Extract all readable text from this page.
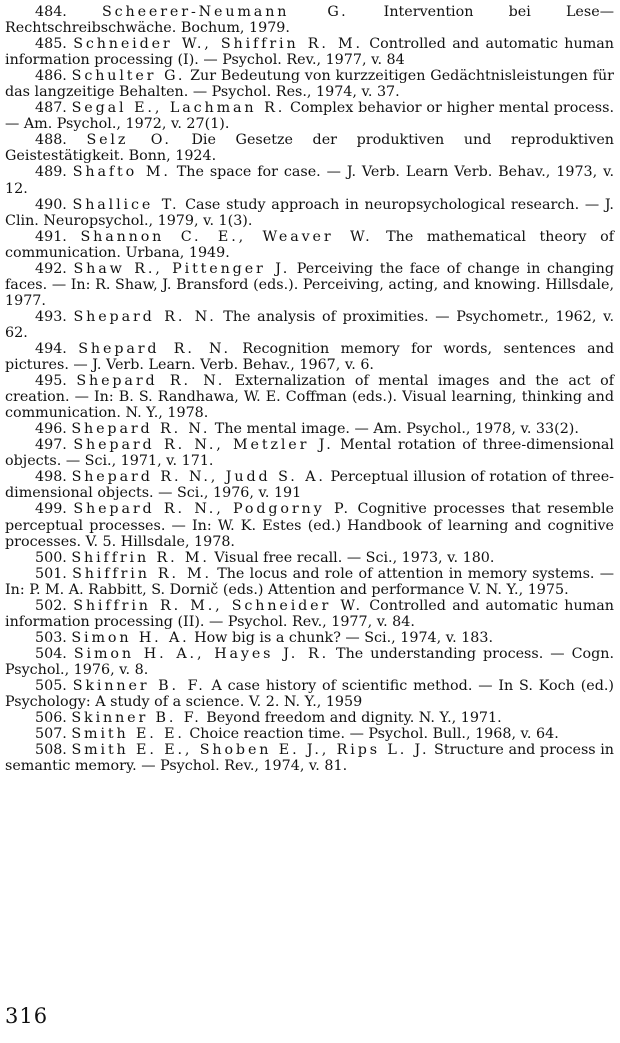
484. Scheerer-Neumann G. Intervention bei Lese—Rechtschreibschwäche. Bochum, 1979.

485. Schneider W., Shiffrin R. M. Controlled and automatic human information processing (I). — Psychol. Rev., 1977, v. 84

486. Schulter G. Zur Bedeutung von kurzzeitigen Gedächtnisleistungen für das langzeitige Behalten. — Psychol. Res., 1974, v. 37.

487. Segal E., Lachman R. Complex behavior or higher mental process. — Am. Psychol., 1972, v. 27(1).

488. Selz O. Die Gesetze der produktiven und reproduktiven Geistestätigkeit. Bonn, 1924.

489. Shafto M. The space for case. — J. Verb. Learn Verb. Behav., 1973, v. 12.

490. Shallice T. Case study approach in neuropsychological research. — J. Clin. Neuropsychol., 1979, v. 1(3).

491. Shannon C. E., Weaver W. The mathematical theory of communication. Urbana, 1949.

492. Shaw R., Pittenger J. Perceiving the face of change in changing faces. — In: R. Shaw, J. Bransford (eds.). Perceiving, acting, and knowing. Hillsdale, 1977.

493. Shepard R. N. The analysis of proximities. — Psychometr., 1962, v. 62.

494. Shepard R. N. Recognition memory for words, sentences and pictures. — J. Verb. Learn. Verb. Behav., 1967, v. 6.

495. Shepard R. N. Externalization of mental images and the act of creation. — In: B. S. Randhawa, W. E. Coffman (eds.). Visual learning, thinking and communication. N. Y., 1978.

496. Shepard R. N. The mental image. — Am. Psychol., 1978, v. 33(2).

497. Shepard R. N., Metzler J. Mental rotation of three-dimensional objects. — Sci., 1971, v. 171.

498. Shepard R. N., Judd S. A. Perceptual illusion of rotation of three-dimensional objects. — Sci., 1976, v. 191

499. Shepard R. N., Podgorny P. Cognitive processes that resemble perceptual processes. — In: W. K. Estes (ed.) Handbook of learning and cognitive processes. V. 5. Hillsdale, 1978.

500. Shiffrin R. M. Visual free recall. — Sci., 1973, v. 180.

501. Shiffrin R. M. The locus and role of attention in memory systems. — In: P. M. A. Rabbitt, S. Dornič (eds.) Attention and performance V. N. Y., 1975.

502. Shiffrin R. M., Schneider W. Controlled and automatic human information processing (II). — Psychol. Rev., 1977, v. 84.

503. Simon H. A. How big is a chunk? — Sci., 1974, v. 183.

504. Simon H. A., Hayes J. R. The understanding process. — Cogn. Psychol., 1976, v. 8.

505. Skinner B. F. A case history of scientific method. — In S. Koch (ed.) Psychology: A study of a science. V. 2. N. Y., 1959

506. Skinner B. F. Beyond freedom and dignity. N. Y., 1971.

507. Smith E. E. Choice reaction time. — Psychol. Bull., 1968, v. 64.

508. Smith E. E., Shoben E. J., Rips L. J. Structure and process in semantic memory. — Psychol. Rev., 1974, v. 81.

316
